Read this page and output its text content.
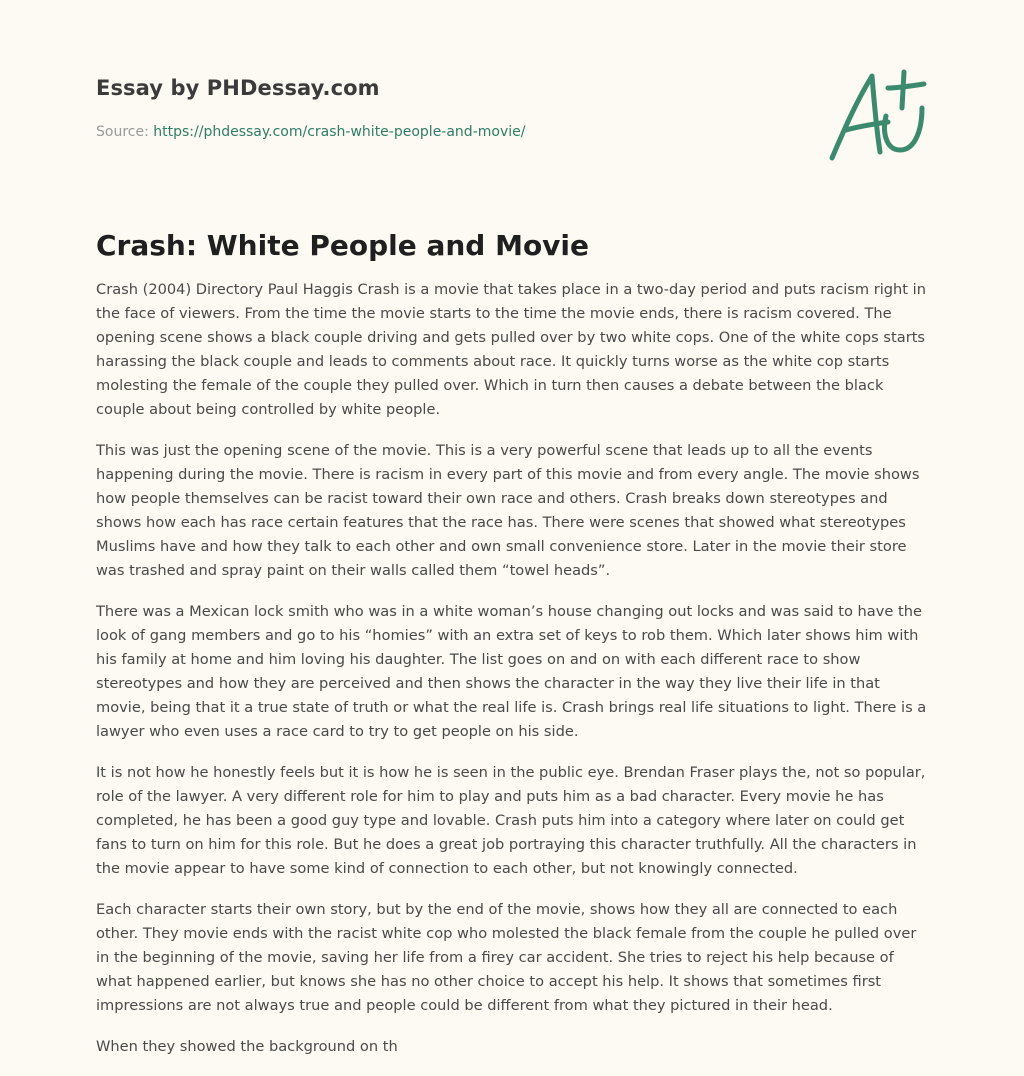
Essay by PHDessay.com
Source: https://phdessay.com/crash-white-people-and-movie/
Crash: White People and Movie

Crash (2004) Directory Paul Haggis Crash is a movie that takes place in a two-day period and puts racism right in the face of viewers. From the time the movie starts to the time the movie ends, there is racism covered. The opening scene shows a black couple driving and gets pulled over by two white cops. One of the white cops starts harassing the black couple and leads to comments about race. It quickly turns worse as the white cop starts molesting the female of the couple they pulled over. Which in turn then causes a debate between the black couple about being controlled by white people.

This was just the opening scene of the movie. This is a very powerful scene that leads up to all the events happening during the movie. There is racism in every part of this movie and from every angle. The movie shows how people themselves can be racist toward their own race and others. Crash breaks down stereotypes and shows how each has race certain features that the race has. There were scenes that showed what stereotypes Muslims have and how they talk to each other and own small convenience store. Later in the movie their store was trashed and spray paint on their walls called them “towel heads”.

There was a Mexican lock smith who was in a white woman’s house changing out locks and was said to have the look of gang members and go to his “homies” with an extra set of keys to rob them. Which later shows him with his family at home and him loving his daughter. The list goes on and on with each different race to show stereotypes and how they are perceived and then shows the character in the way they live their life in that movie, being that it a true state of truth or what the real life is. Crash brings real life situations to light. There is a lawyer who even uses a race card to try to get people on his side.

It is not how he honestly feels but it is how he is seen in the public eye. Brendan Fraser plays the, not so popular, role of the lawyer. A very different role for him to play and puts him as a bad character. Every movie he has completed, he has been a good guy type and lovable. Crash puts him into a category where later on could get fans to turn on him for this role. But he does a great job portraying this character truthfully. All the characters in the movie appear to have some kind of connection to each other, but not knowingly connected.

Each character starts their own story, but by the end of the movie, shows how they all are connected to each other. They movie ends with the racist white cop who molested the black female from the couple he pulled over in the beginning of the movie, saving her life from a firey car accident. She tries to reject his help because of what happened earlier, but knows she has no other choice to accept his help. It shows that sometimes first impressions are not always true and people could be different from what they pictured in their head.

When they showed the background on th
